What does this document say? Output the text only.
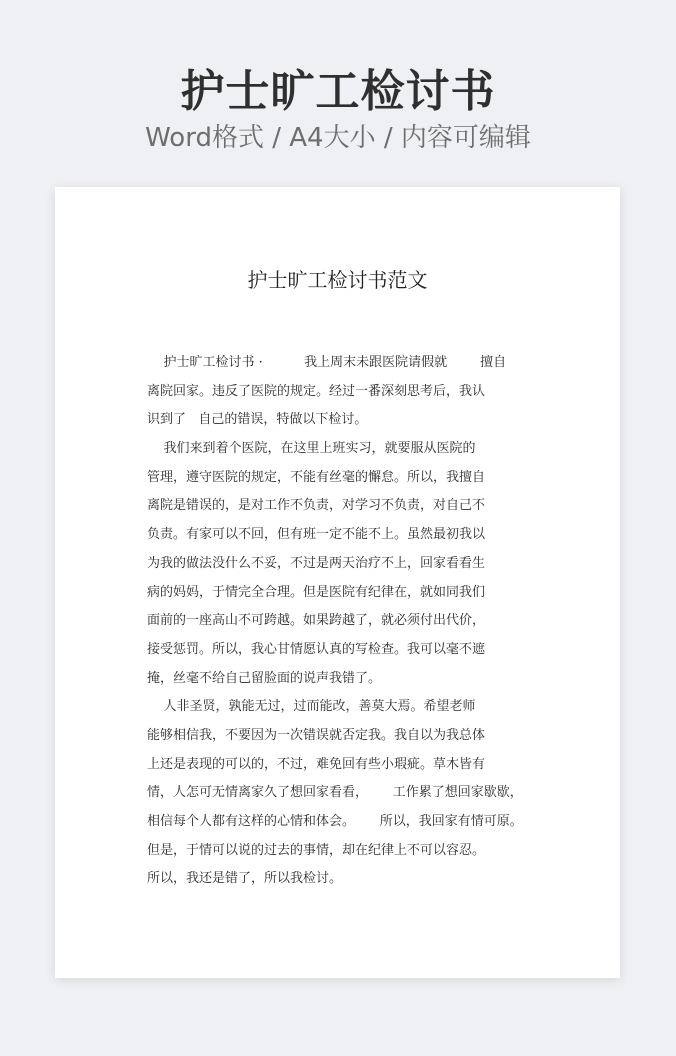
护士旷工检讨书
Word格式 / A4大小 / 内容可编辑
护士旷工检讨书范文
护士旷工检讨书 ·          我上周末未跟医院请假就        擅自
离院回家。违反了医院的规定。经过一番深刻思考后，我认
识到了   自己的错误，特做以下检讨。
我们来到着个医院，在这里上班实习，就要服从医院的
管理，遵守医院的规定，不能有丝毫的懈怠。所以，我擅自
离院是错误的，是对工作不负责，对学习不负责，对自己不
负责。有家可以不回，但有班一定不能不上。虽然最初我以
为我的做法没什么不妥，不过是两天治疗不上，回家看看生
病的妈妈，于情完全合理。但是医院有纪律在，就如同我们
面前的一座高山不可跨越。如果跨越了，就必须付出代价，
接受惩罚。所以，我心甘情愿认真的写检查。我可以毫不遮
掩，丝毫不给自己留脸面的说声我错了。
人非圣贤，孰能无过，过而能改，善莫大焉。希望老师
能够相信我，不要因为一次错误就否定我。我自以为我总体
上还是表现的可以的，不过，难免回有些小瑕疵。草木皆有
情，人怎可无情离家久了想回家看看，      工作累了想回家歇歇，
相信每个人都有这样的心情和体会。      所以，我回家有情可原。
但是，于情可以说的过去的事情，却在纪律上不可以容忍。
所以，我还是错了，所以我检讨。
